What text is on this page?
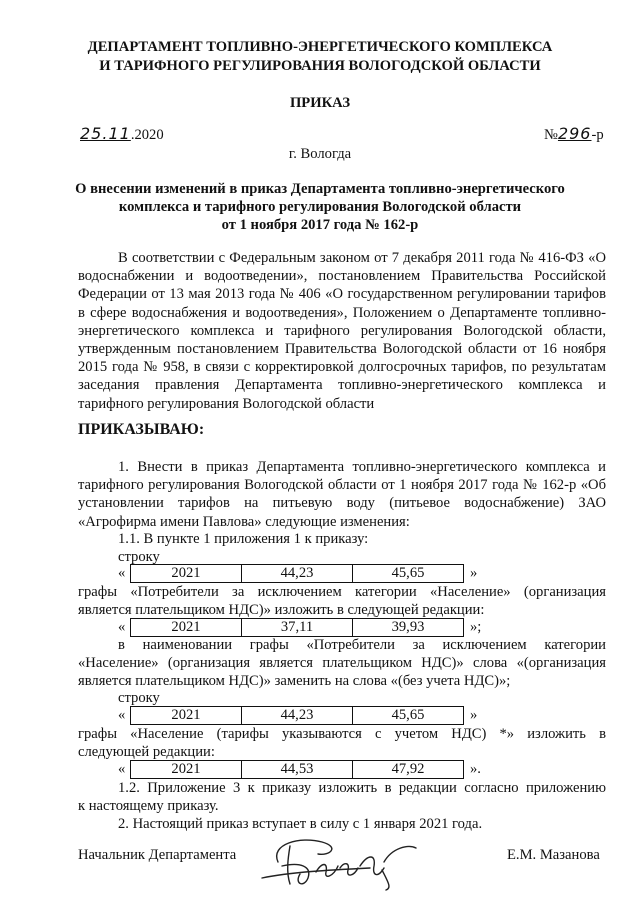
ДЕПАРТАМЕНТ ТОПЛИВНО-ЭНЕРГЕТИЧЕСКОГО КОМПЛЕКСА
И ТАРИФНОГО РЕГУЛИРОВАНИЯ ВОЛОГОДСКОЙ ОБЛАСТИ
ПРИКАЗ
25.11.2020	№296-р
г. Вологда
О внесении изменений в приказ Департамента топливно-энергетического
комплекса и тарифного регулирования Вологодской области
от 1 ноября 2017 года № 162-р
В соответствии с Федеральным законом от 7 декабря 2011 года № 416-ФЗ «О водоснабжении и водоотведении», постановлением Правительства Российской Федерации от 13 мая 2013 года № 406 «О государственном регулировании тарифов в сфере водоснабжения и водоотведения», Положением о Департаменте топливно-энергетического комплекса и тарифного регулирования Вологодской области, утвержденным постановлением Правительства Вологодской области от 16 ноября 2015 года № 958, в связи с корректировкой долгосрочных тарифов, по результатам заседания правления Департамента топливно-энергетического комплекса и тарифного регулирования Вологодской области
ПРИКАЗЫВАЮ:
1. Внести в приказ Департамента топливно-энергетического комплекса и тарифного регулирования Вологодской области от 1 ноября 2017 года № 162-р «Об установлении тарифов на питьевую воду (питьевое водоснабжение) ЗАО «Агрофирма имени Павлова» следующие изменения:
1.1. В пункте 1 приложения 1 к приказу:
строку
«	2021	44,23	45,65	»
графы «Потребители за исключением категории «Население» (организация
является плательщиком НДС)» изложить в следующей редакции:
«	2021	37,11	39,93	»;
в наименовании графы «Потребители за исключением категории
«Население» (организация является плательщиком НДС)» слова «(организация
является плательщиком НДС)» заменить на слова «(без учета НДС)»;
строку
«	2021	44,23	45,65	»
графы «Население (тарифы указываются с учетом НДС) *» изложить в
следующей редакции:
«	2021	44,53	47,92	».
1.2. Приложение 3 к приказу изложить в редакции согласно приложению
к настоящему приказу.
2. Настоящий приказ вступает в силу с 1 января 2021 года.
Начальник Департамента	Е.М. Мазанова
